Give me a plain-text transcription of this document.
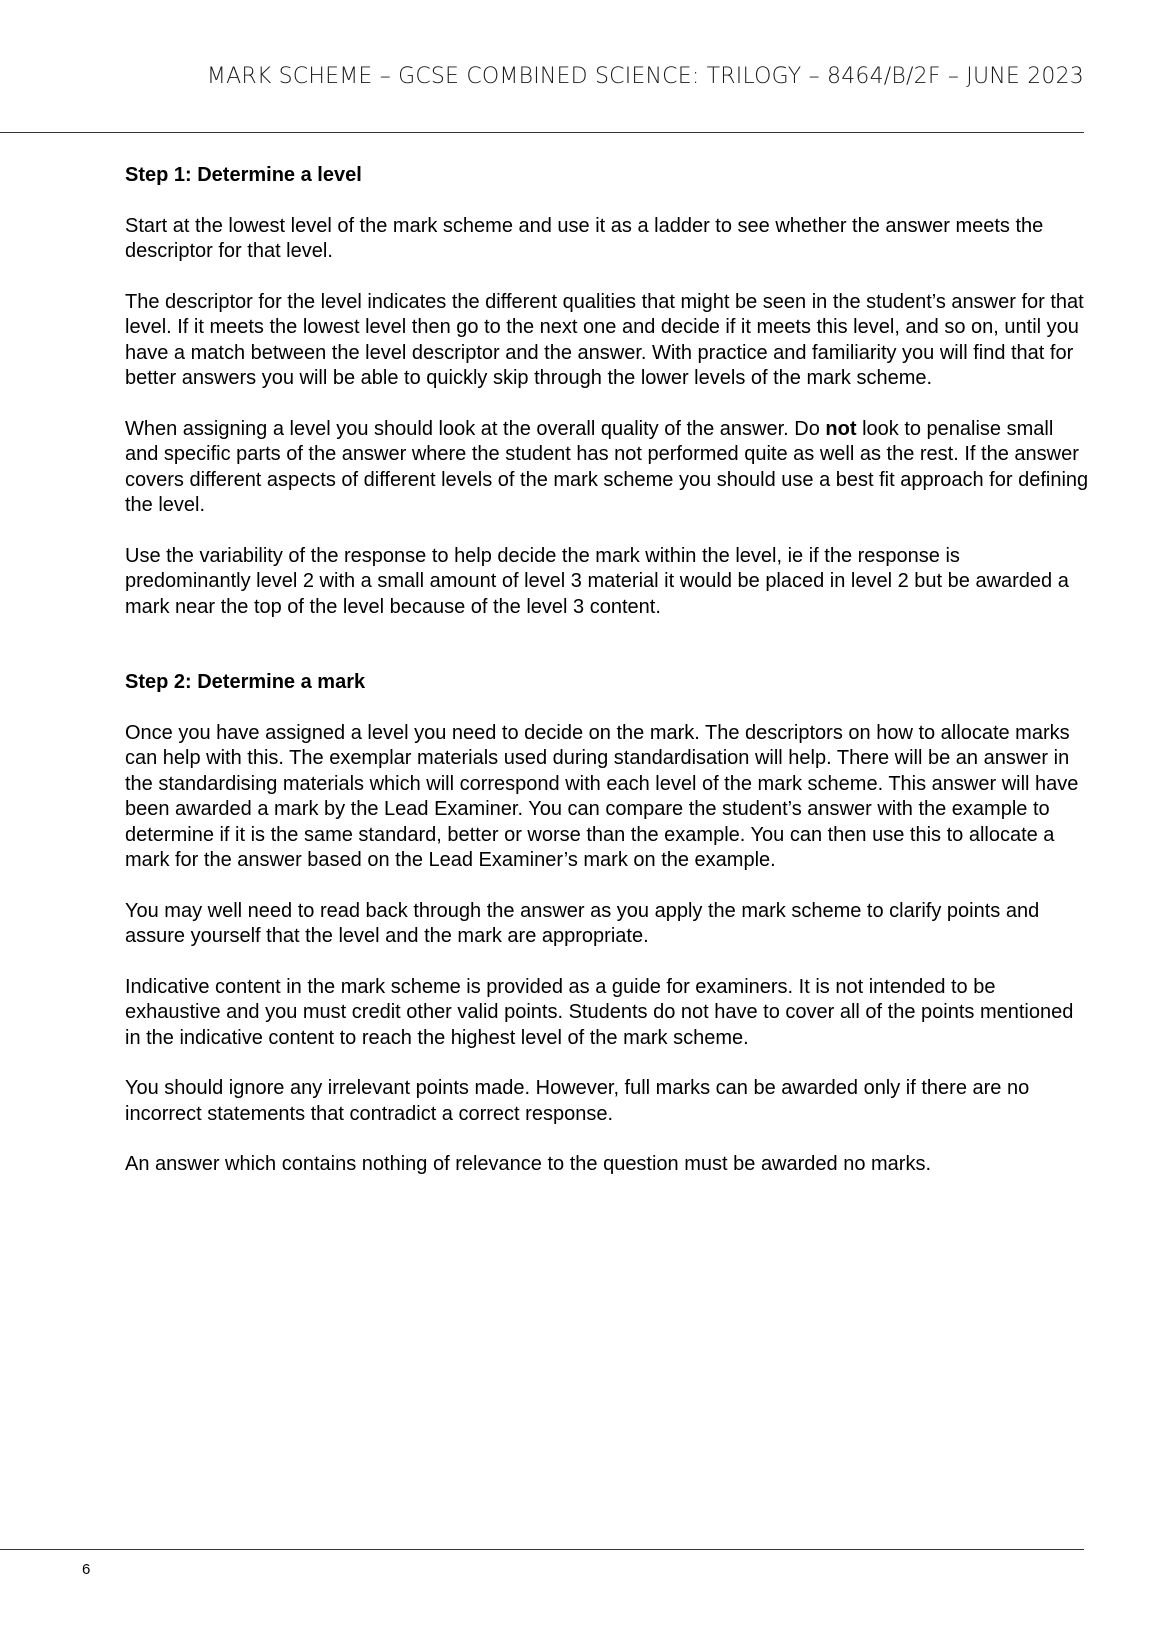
MARK SCHEME – GCSE COMBINED SCIENCE: TRILOGY – 8464/B/2F – JUNE 2023
Step 1: Determine a level

Start at the lowest level of the mark scheme and use it as a ladder to see whether the answer meets the descriptor for that level.

The descriptor for the level indicates the different qualities that might be seen in the student’s answer for that level. If it meets the lowest level then go to the next one and decide if it meets this level, and so on, until you have a match between the level descriptor and the answer. With practice and familiarity you will find that for better answers you will be able to quickly skip through the lower levels of the mark scheme.

When assigning a level you should look at the overall quality of the answer. Do not look to penalise small and specific parts of the answer where the student has not performed quite as well as the rest. If the answer covers different aspects of different levels of the mark scheme you should use a best fit approach for defining the level.

Use the variability of the response to help decide the mark within the level, ie if the response is predominantly level 2 with a small amount of level 3 material it would be placed in level 2 but be awarded a mark near the top of the level because of the level 3 content.

Step 2: Determine a mark

Once you have assigned a level you need to decide on the mark. The descriptors on how to allocate marks can help with this. The exemplar materials used during standardisation will help. There will be an answer in the standardising materials which will correspond with each level of the mark scheme. This answer will have been awarded a mark by the Lead Examiner. You can compare the student’s answer with the example to determine if it is the same standard, better or worse than the example. You can then use this to allocate a mark for the answer based on the Lead Examiner’s mark on the example.

You may well need to read back through the answer as you apply the mark scheme to clarify points and assure yourself that the level and the mark are appropriate.

Indicative content in the mark scheme is provided as a guide for examiners. It is not intended to be exhaustive and you must credit other valid points. Students do not have to cover all of the points mentioned in the indicative content to reach the highest level of the mark scheme.

You should ignore any irrelevant points made. However, full marks can be awarded only if there are no incorrect statements that contradict a correct response.

An answer which contains nothing of relevance to the question must be awarded no marks.

6
